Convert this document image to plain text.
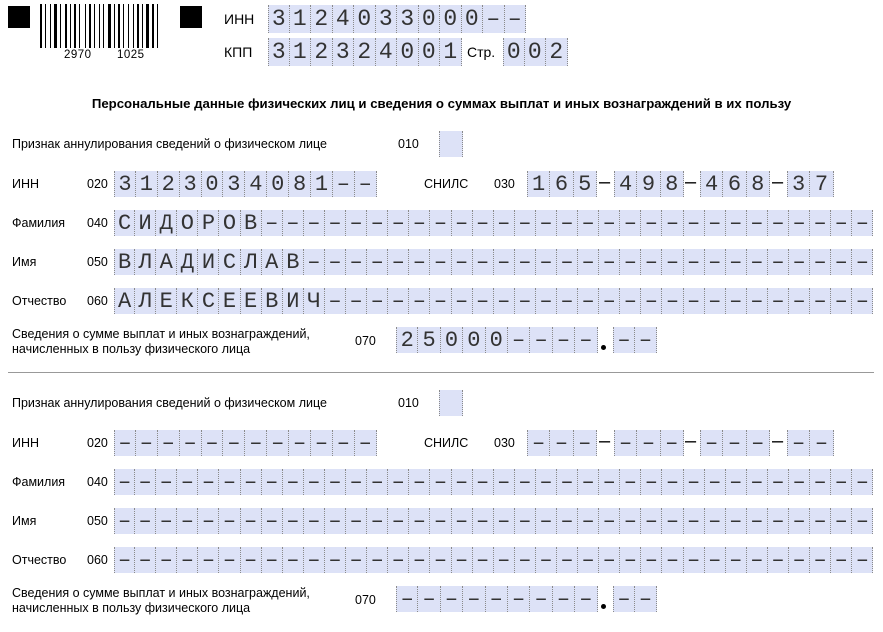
2970 1025
ИНН 3 1 2 4 0 3 3 0 0 0 – –
КПП 3 1 2 3 2 4 0 0 1 Стр. 0 0 2
Персональные данные физических лиц и сведения о суммах выплат и иных вознаграждений в их пользу
Признак аннулирования сведений о физическом лице	010
ИНН	020 3 1 2 3 0 3 4 0 8 1 – –	СНИЛС 030 1 6 5 4 9 8 4 6 8 3 7
–	–	–
Фамилия 040 С И Д О Р О В – – – – – – – – – – – – – – – – – – – – – – – – – – – – –
Имя	050 В Л А Д И С Л А В – – – – – – – – – – – – – – – – – – – – – – – – – – –
Отчество 060 А Л Е К С Е Е В И Ч – – – – – – – – – – – – – – – – – – – – – – – – – –
Сведения о сумме выплат и иных вознаграждений,
начисленных в пользу физического лица
070 2 5 0 0 0 – – – – – –
Признак аннулирования сведений о физическом лице	010
ИНН	020 – – – – – – – – – – – –	СНИЛС 030 – – – – – – – – – – –
–	–	–
Фамилия 040 – – – – – – – – – – – – – – – – – – – – – – – – – – – – – – – – – – – –
Имя	050 – – – – – – – – – – – – – – – – – – – – – – – – – – – – – – – – – – – –
Отчество 060 – – – – – – – – – – – – – – – – – – – – – – – – – – – – – – – – – – – –
Сведения о сумме выплат и иных вознаграждений,
начисленных в пользу физического лица
070 – – – – – – – – – – –
